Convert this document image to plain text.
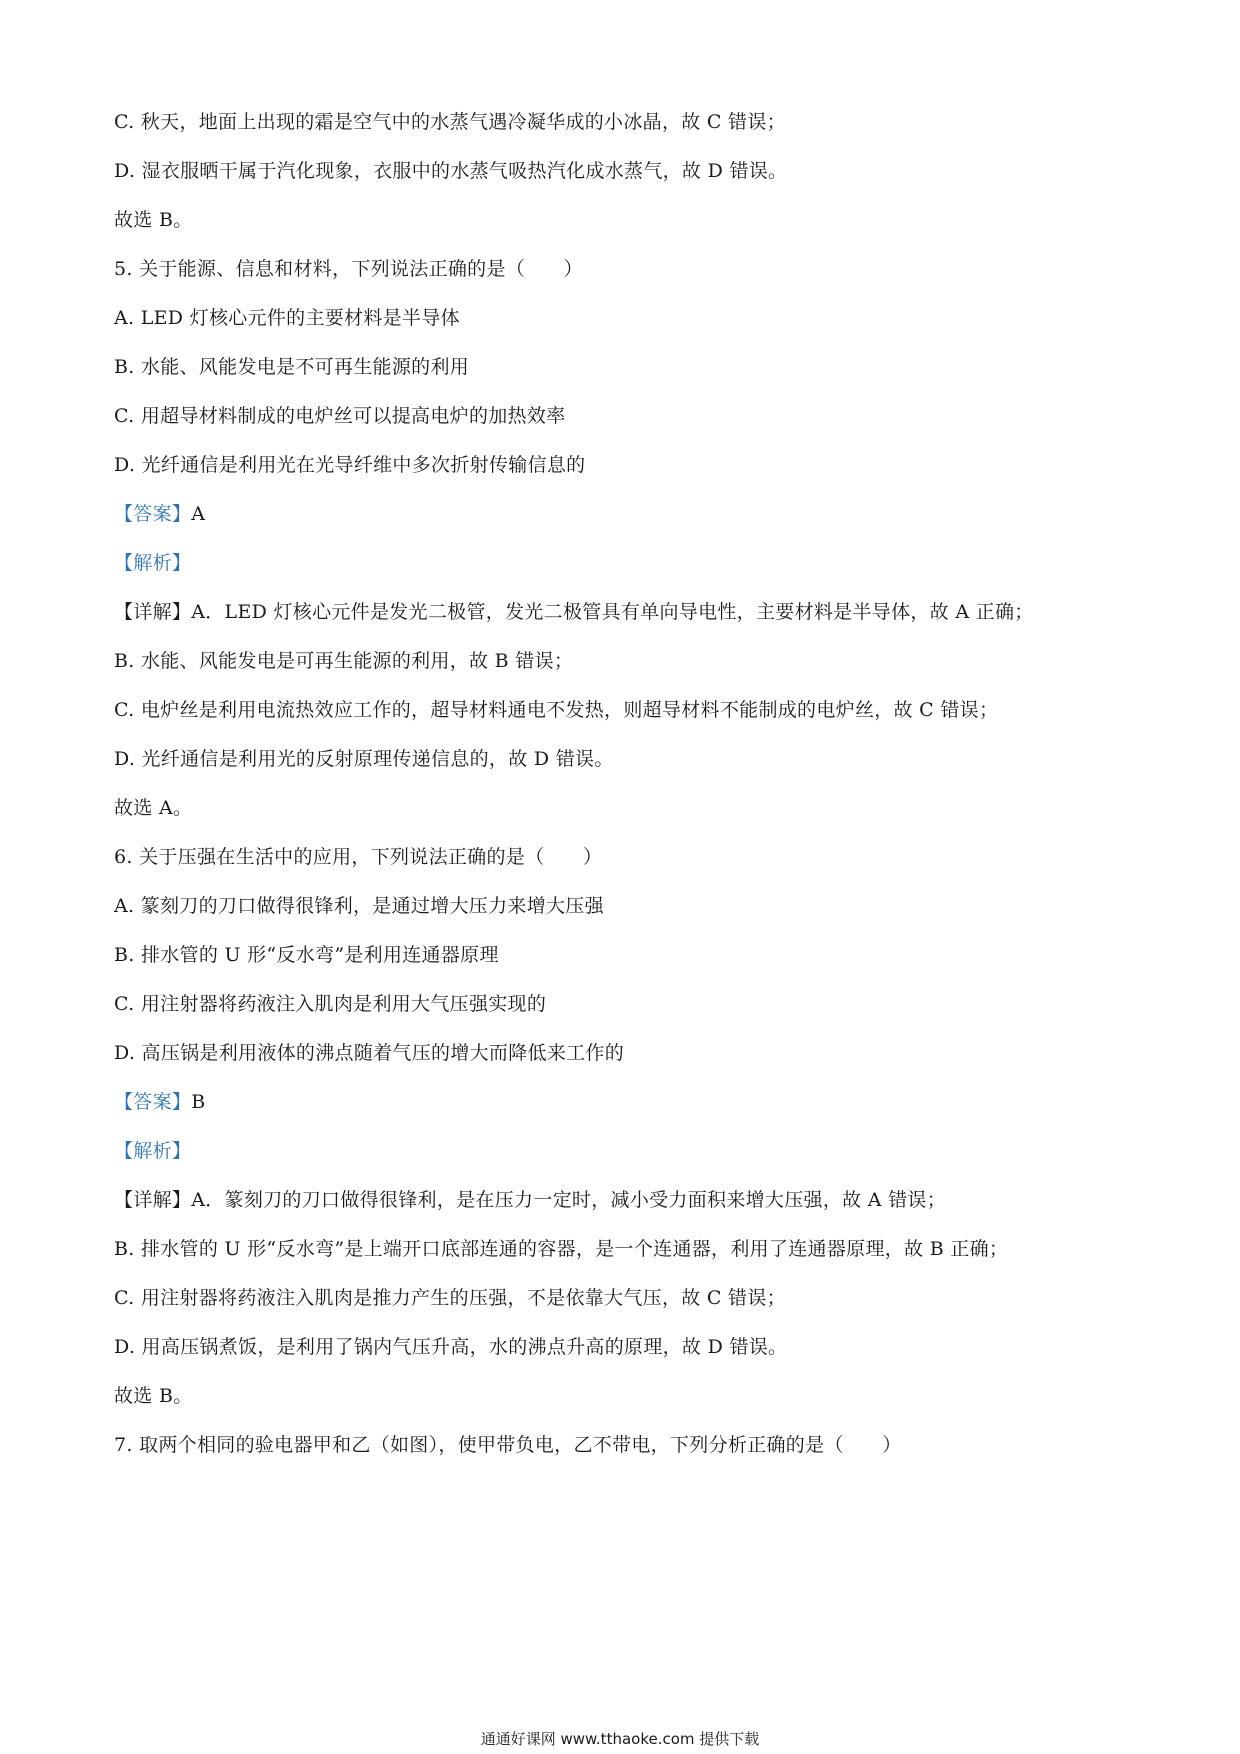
C. 秋天，地面上出现的霜是空气中的水蒸气遇冷凝华成的小冰晶，故 C 错误；
D. 湿衣服晒干属于汽化现象，衣服中的水蒸气吸热汽化成水蒸气，故 D 错误。
故选 B。
5. 关于能源、信息和材料，下列说法正确的是（　　）
A. LED 灯核心元件的主要材料是半导体
B. 水能、风能发电是不可再生能源的利用
C. 用超导材料制成的电炉丝可以提高电炉的加热效率
D. 光纤通信是利用光在光导纤维中多次折射传输信息的
【答案】A
【解析】
【详解】A．LED 灯核心元件是发光二极管，发光二极管具有单向导电性，主要材料是半导体，故 A 正确；
B. 水能、风能发电是可再生能源的利用，故 B 错误；
C. 电炉丝是利用电流热效应工作的，超导材料通电不发热，则超导材料不能制成的电炉丝，故 C 错误；
D. 光纤通信是利用光的反射原理传递信息的，故 D 错误。
故选 A。
6. 关于压强在生活中的应用，下列说法正确的是（　　）
A. 篆刻刀的刀口做得很锋利，是通过增大压力来增大压强
B. 排水管的 U 形“反水弯”是利用连通器原理
C. 用注射器将药液注入肌肉是利用大气压强实现的
D. 高压锅是利用液体的沸点随着气压的增大而降低来工作的
【答案】B
【解析】
【详解】A．篆刻刀的刀口做得很锋利，是在压力一定时，减小受力面积来增大压强，故 A 错误；
B. 排水管的 U 形“反水弯”是上端开口底部连通的容器，是一个连通器，利用了连通器原理，故 B 正确；
C. 用注射器将药液注入肌肉是推力产生的压强，不是依靠大气压，故 C 错误；
D. 用高压锅煮饭，是利用了锅内气压升高，水的沸点升高的原理，故 D 错误。
故选 B。
7. 取两个相同的验电器甲和乙（如图），使甲带负电，乙不带电，下列分析正确的是（　　）
通通好课网 www.tthaoke.com 提供下载
